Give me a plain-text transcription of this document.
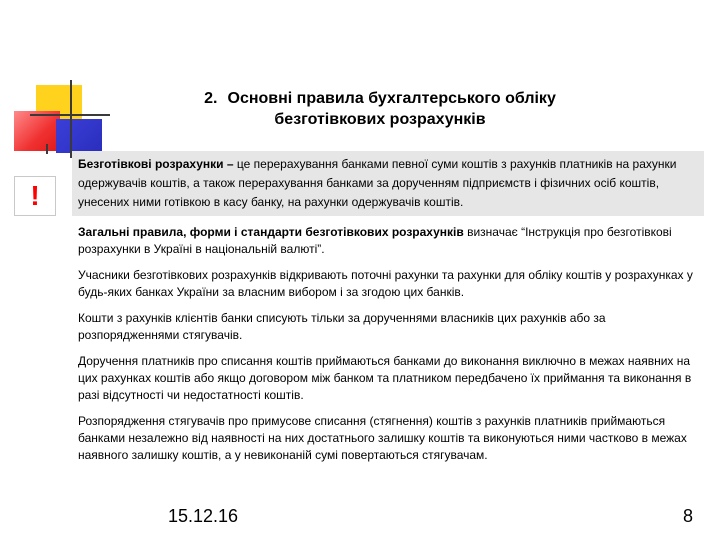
2. Основні правила бухгалтерського обліку
безготівкових розрахунків
!
Безготівкові розрахунки – це перерахування банками певної суми коштів з рахунків платників на рахунки одержувачів коштів, а також перерахування банками за дорученням підприємств і фізичних осіб коштів, унесених ними готівкою в касу банку, на рахунки одержувачів коштів.
Загальні правила, форми і стандарти безготівкових розрахунків визначає “Інструкція про безготівкові розрахунки в Україні в національній валюті”.
Учасники безготівкових розрахунків відкривають поточні рахунки та рахунки для обліку коштів у розрахунках у будь-яких банках України за власним вибором і за згодою цих банків.
Кошти з рахунків клієнтів банки списують тільки за дорученнями власників цих рахунків або за розпорядженнями стягувачів.
Доручення платників про списання коштів приймаються банками до виконання виключно в межах наявних на цих рахунках коштів або якщо договором між банком та платником передбачено їх приймання та виконання в разі відсутності чи недостатності коштів.
Розпорядження стягувачів про примусове списання (стягнення) коштів з рахунків платників приймаються банками незалежно від наявності на них достатнього залишку коштів та виконуються ними частково в межах наявного залишку коштів, а у невиконаній сумі повертаються стягувачам.
15.12.16	8
